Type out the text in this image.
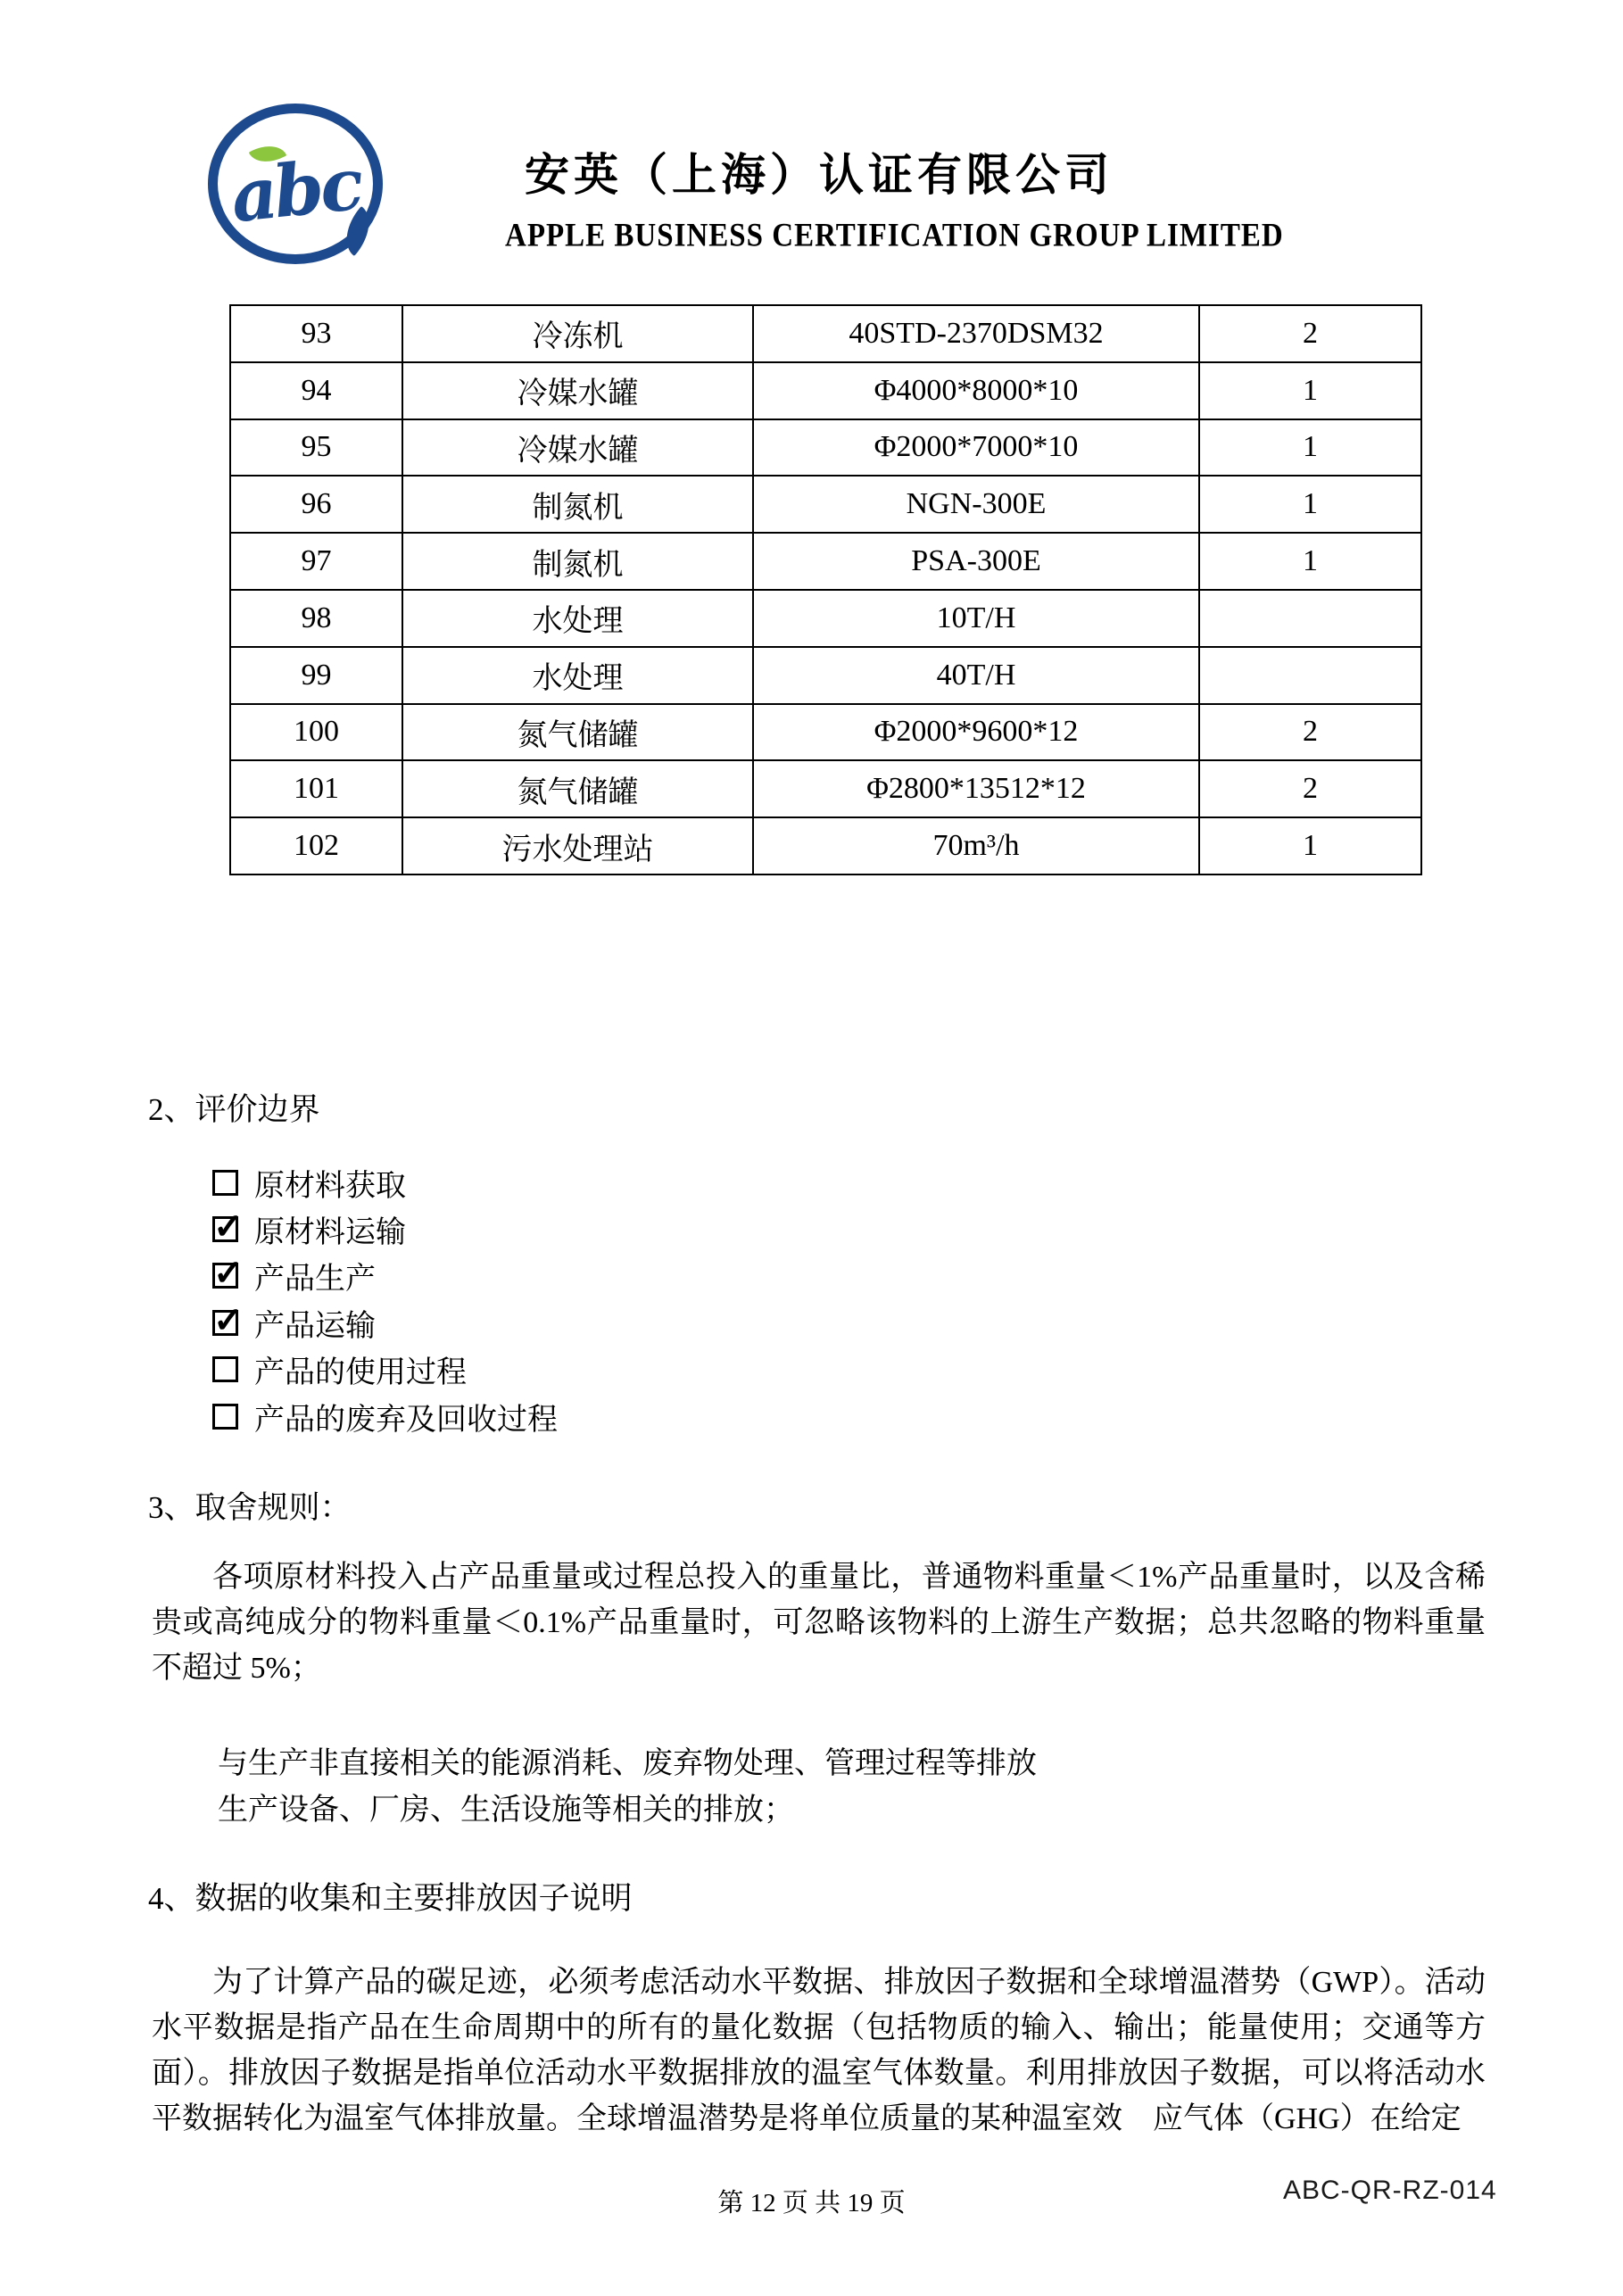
abc	安英（上海）认证有限公司
APPLE BUSINESS CERTIFICATION GROUP LIMITED
93	冷冻机	40STD-2370DSM32	2
94	冷媒水罐	Φ4000*8000*10	1
95	冷媒水罐	Φ2000*7000*10	1
96	制氮机	NGN-300E	1
97	制氮机	PSA-300E	1
98	水处理	10T/H	
99	水处理	40T/H	
100	氮气储罐	Φ2000*9600*12	2
101	氮气储罐	Φ2800*13512*12	2
102	污水处理站	70m³/h	1
2、评价边界
原材料获取
✓
原材料运输
✓
产品生产
✓
产品运输
产品的使用过程
产品的废弃及回收过程
3、取舍规则：
各项原材料投入占产品重量或过程总投入的重量比，普通物料重量＜1%产品重量时，以及含稀贵或高纯成分的物料重量＜0.1%产品重量时，可忽略该物料的上游生产数据；总共忽略的物料重量不超过 5%；
与生产非直接相关的能源消耗、废弃物处理、管理过程等排放
生产设备、厂房、生活设施等相关的排放；
4、数据的收集和主要排放因子说明
为了计算产品的碳足迹，必须考虑活动水平数据、排放因子数据和全球增温潜势（GWP）。活动水平数据是指产品在生命周期中的所有的量化数据（包括物质的输入、输出；能量使用；交通等方面）。排放因子数据是指单位活动水平数据排放的温室气体数量。利用排放因子数据，可以将活动水平数据转化为温室气体排放量。全球增温潜势是将单位质量的某种温室效　应气体（GHG）在给定
第 12 页 共 19 页	ABC-QR-RZ-014
